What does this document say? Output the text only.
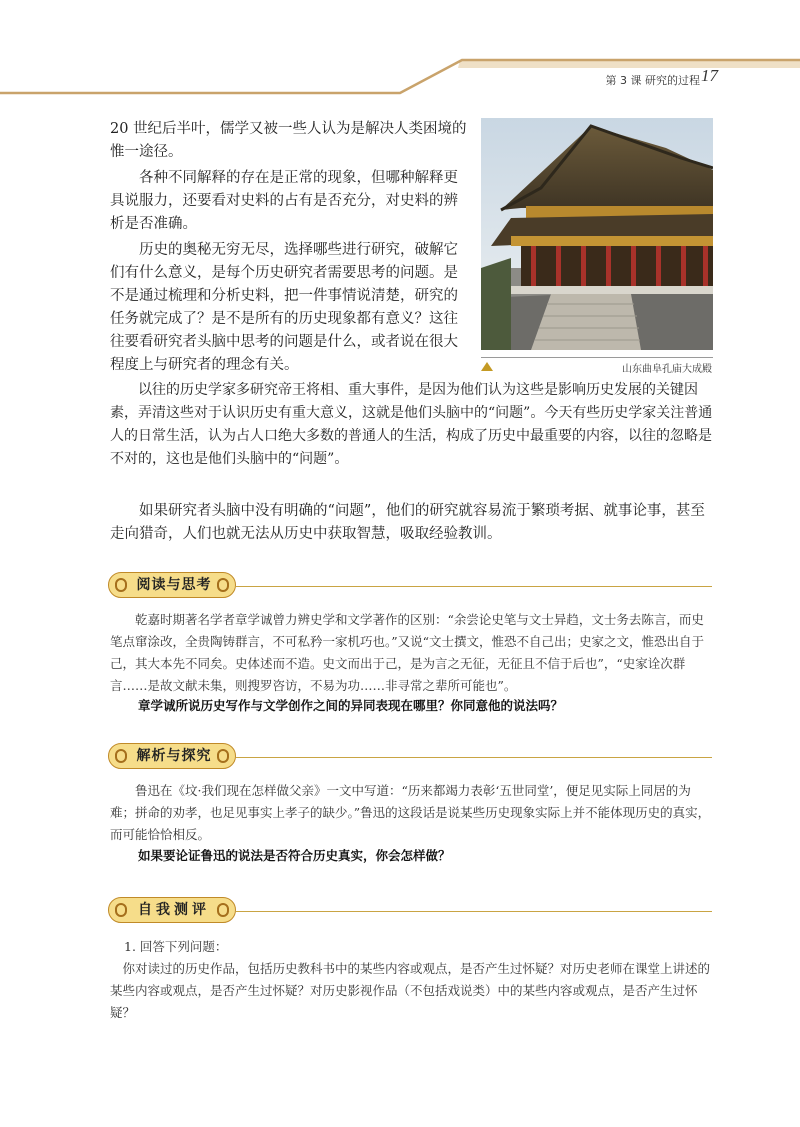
第 3 课 研究的过程 17

20 世纪后半叶，儒学又被一些人认为是解决人类困境的惟一途径。

各种不同解释的存在是正常的现象，但哪种解释更具说服力，还要看对史料的占有是否充分，对史料的辨析是否准确。

历史的奥秘无穷无尽，选择哪些进行研究，破解它们有什么意义，是每个历史研究者需要思考的问题。是不是通过梳理和分析史料，把一件事情说清楚，研究的任务就完成了？是不是所有的历史现象都有意义？这往往要看研究者头脑中思考的问题是什么，或者说在很大程度上与研究者的理念有关。	山东曲阜孔庙大成殿

以往的历史学家多研究帝王将相、重大事件，是因为他们认为这些是影响历史发展的关键因素，弄清这些对于认识历史有重大意义，这就是他们头脑中的“问题”。今天有些历史学家关注普通人的日常生活，认为占人口绝大多数的普通人的生活，构成了历史中最重要的内容，以往的忽略是不对的，这也是他们头脑中的“问题”。

如果研究者头脑中没有明确的“问题”，他们的研究就容易流于繁琐考据、就事论事，甚至走向猎奇，人们也就无法从历史中获取智慧，吸取经验教训。

阅读与思考

乾嘉时期著名学者章学诚曾力辨史学和文学著作的区别：“余尝论史笔与文士异趋，文士务去陈言，而史笔点窜涂改，全贵陶铸群言，不可私矜一家机巧也。”又说“文士撰文，惟恐不自己出；史家之文，惟恐出自于己，其大本先不同矣。史体述而不造。史文而出于己，是为言之无征，无征且不信于后也”，“史家诠次群言……是故文献未集，则搜罗咨访，不易为功……非寻常之辈所可能也”。

章学诚所说历史写作与文学创作之间的异同表现在哪里？你同意他的说法吗？

解析与探究

鲁迅在《坟·我们现在怎样做父亲》一文中写道：“历来都竭力表彰‘五世同堂’，便足见实际上同居的为难；拼命的劝孝，也足见事实上孝子的缺少。”鲁迅的这段话是说某些历史现象实际上并不能体现历史的真实，而可能恰恰相反。

如果要论证鲁迅的说法是否符合历史真实，你会怎样做？

自我测评

1. 回答下列问题：

你对读过的历史作品，包括历史教科书中的某些内容或观点，是否产生过怀疑？对历史老师在课堂上讲述的某些内容或观点，是否产生过怀疑？对历史影视作品（不包括戏说类）中的某些内容或观点，是否产生过怀疑？
